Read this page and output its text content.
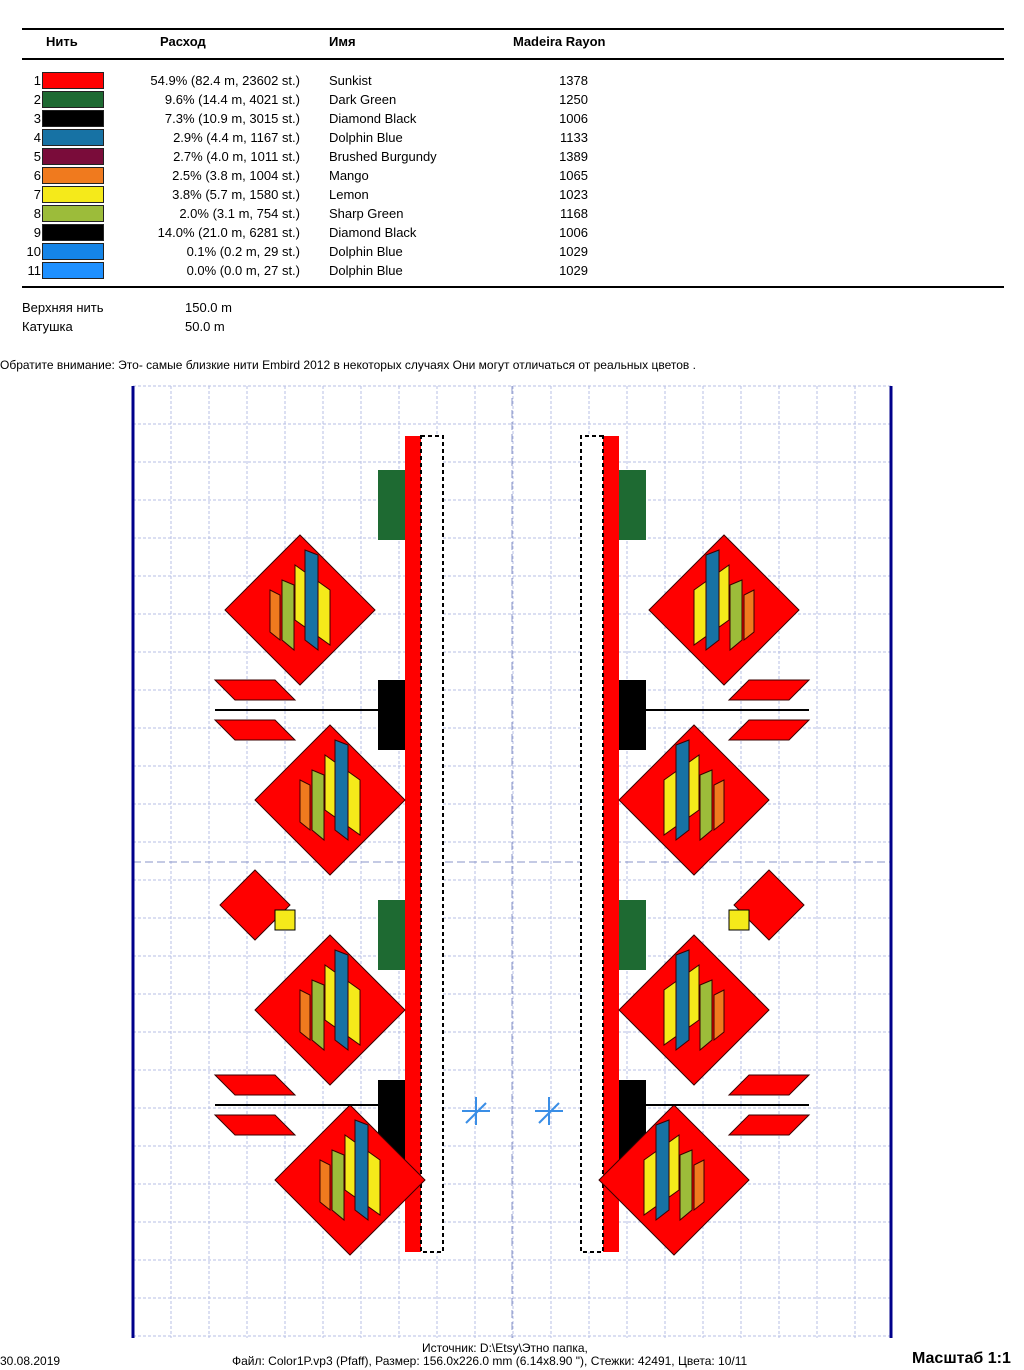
Нить	Расход	Имя	Madeira Rayon
1	54.9% (82.4 m, 23602 st.) Sunkist	1378
2	9.6% (14.4 m, 4021 st.) Dark Green	1250
3	7.3% (10.9 m, 3015 st.) Diamond Black	1006
4	2.9% (4.4 m, 1167 st.) Dolphin Blue	1133
5	2.7% (4.0 m, 1011 st.) Brushed Burgundy	1389
6	2.5% (3.8 m, 1004 st.) Mango	1065
7	3.8% (5.7 m, 1580 st.) Lemon	1023
8	2.0% (3.1 m, 754 st.) Sharp Green	1168
9	14.0% (21.0 m, 6281 st.) Diamond Black	1006
10	0.1% (0.2 m, 29 st.) Dolphin Blue	1029
11	0.0% (0.0 m, 27 st.) Dolphin Blue	1029
Верхняя нить	150.0 m
Катушка	50.0 m
Обратите внимание: Это- самые близкие нити Embird 2012 в некоторых случаях Они могут отличаться от реальных цветов .
30.08.2019
Источник: D:\Etsy\Этно папка,
Файл: Color1P.vp3 (Pfaff), Размер: 156.0x226.0 mm (6.14x8.90 "), Стежки: 42491, Цвета: 10/11	Масштаб 1:1
